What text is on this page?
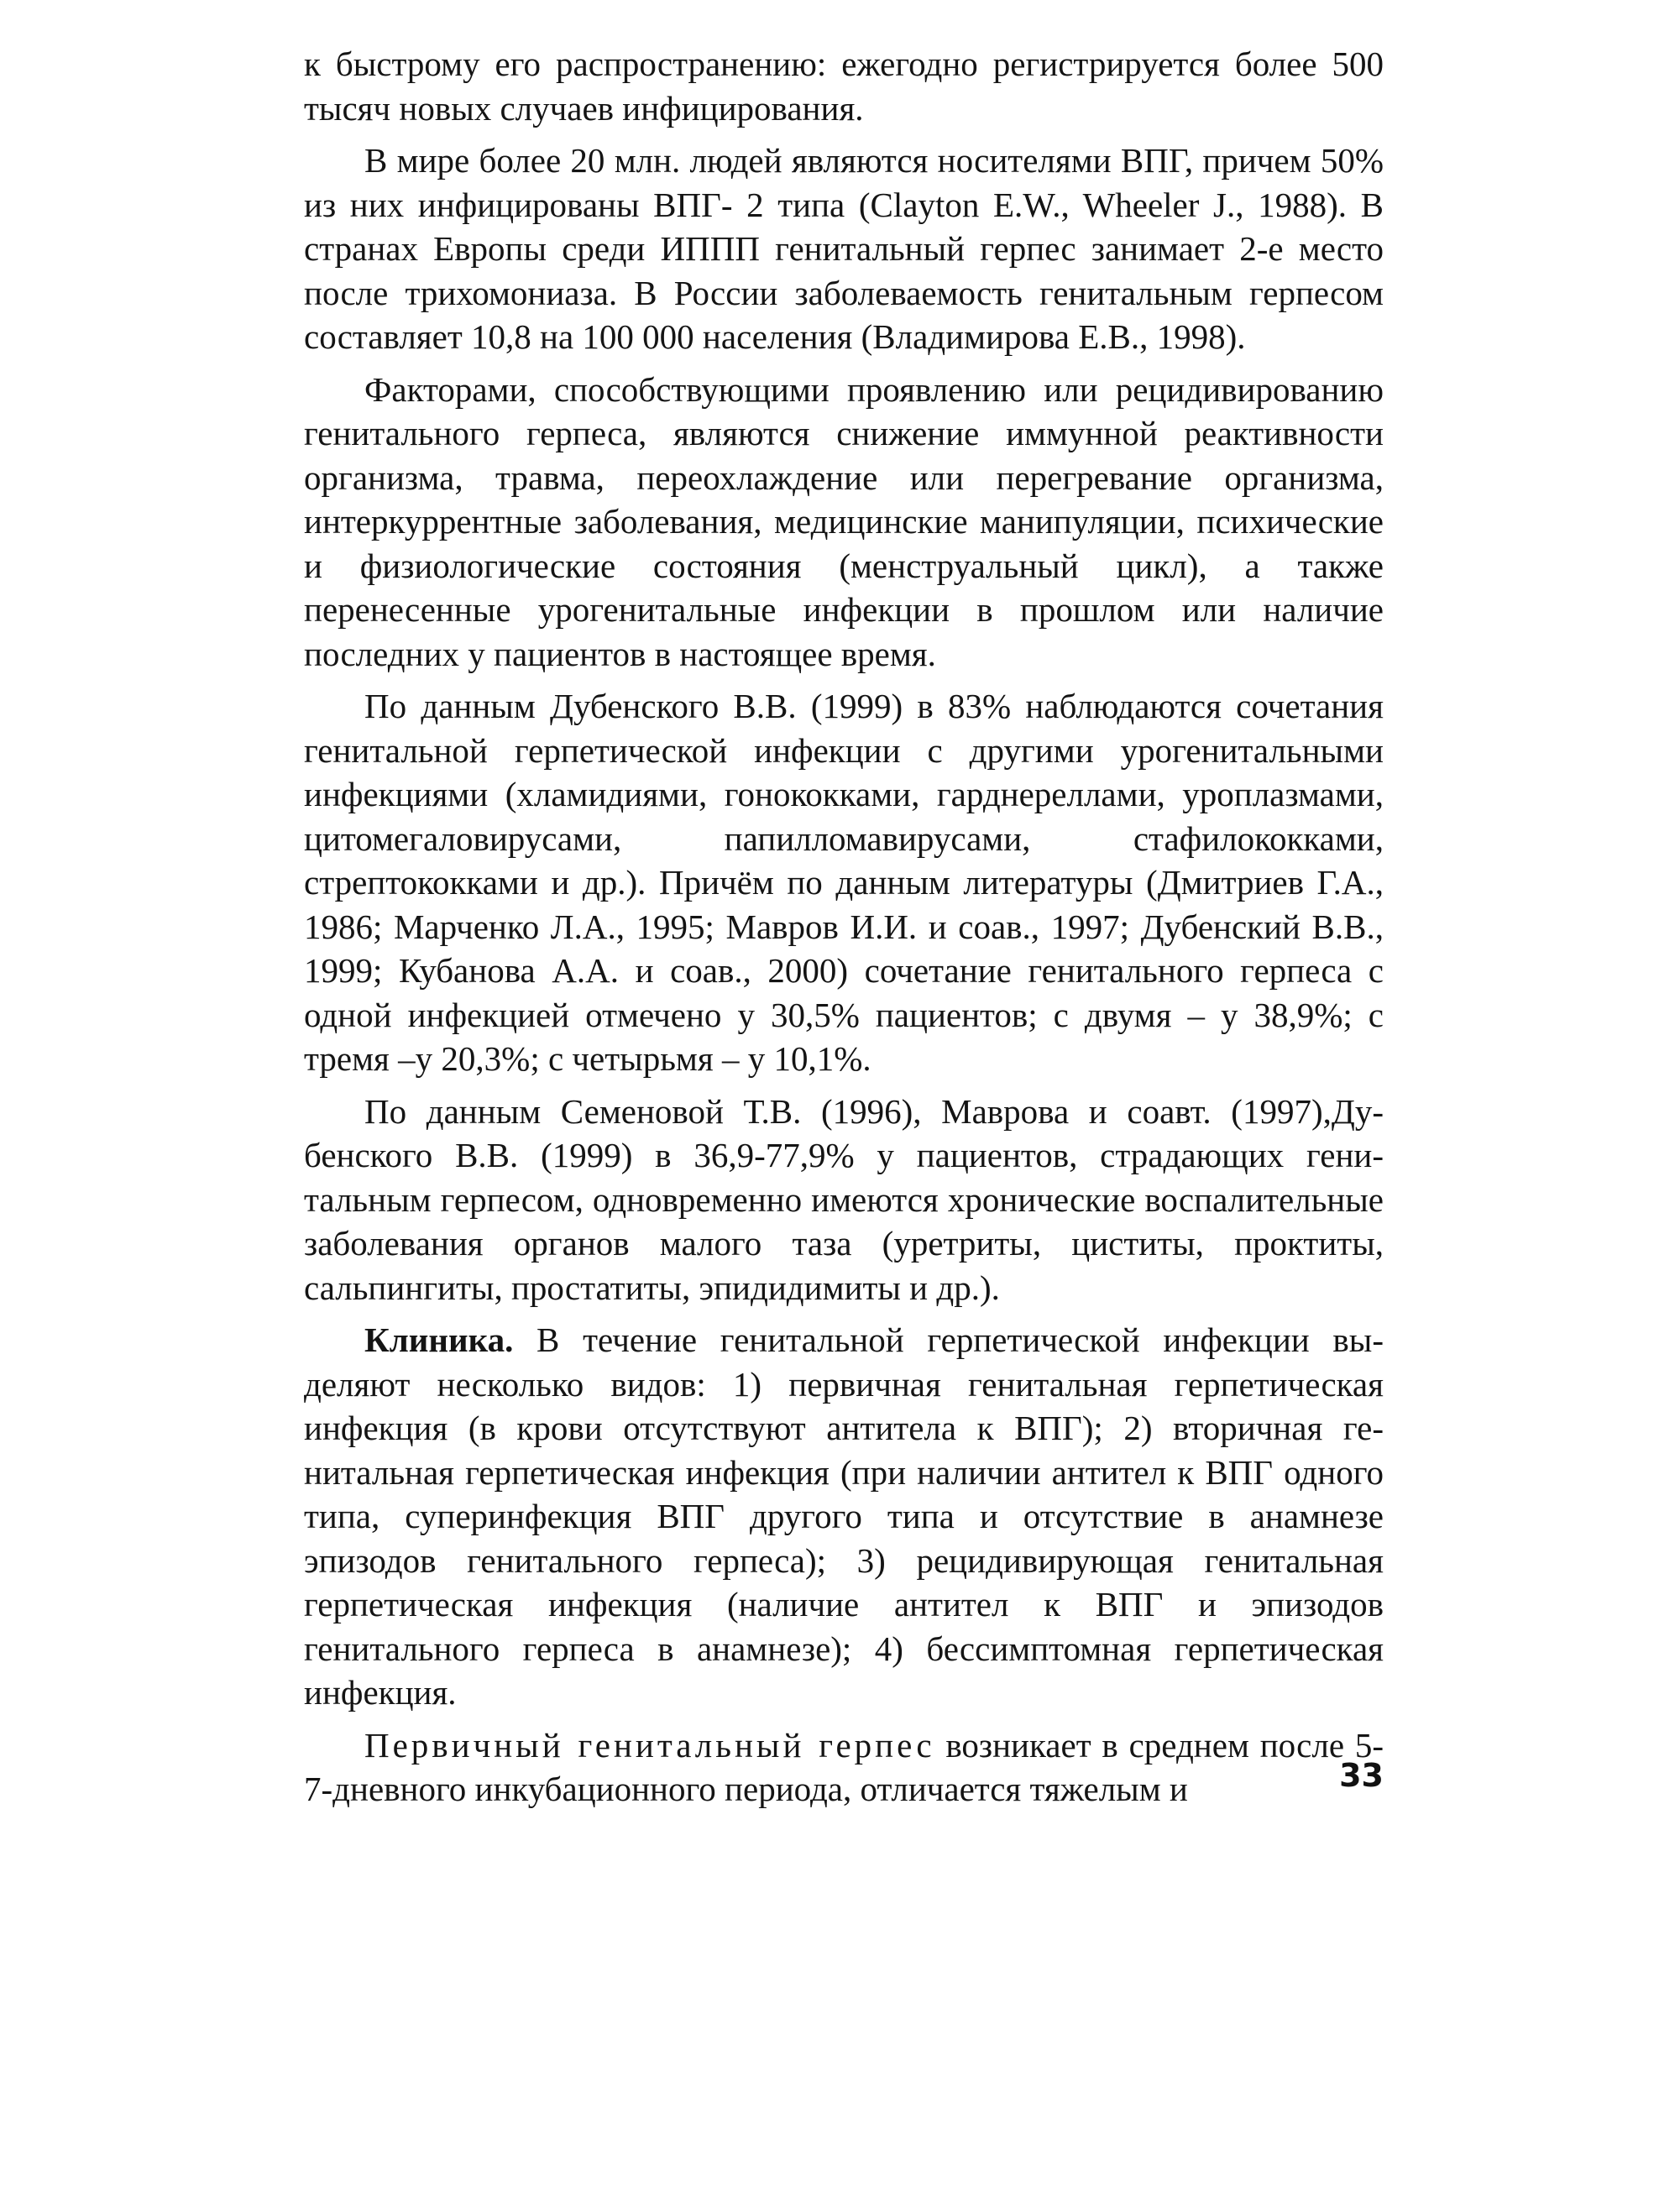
к быстрому его распространению: ежегодно регистрируется более 500 тысяч новых случаев инфицирования.

В мире более 20 млн. людей являются носителями ВПГ, причем 50% из них инфицированы ВПГ- 2 типа (Clayton E.W., Wheeler J., 1988). В странах Европы среди ИППП генитальный герпес занимает 2-е место после трихомониаза. В России заболеваемость генитальным герпесом составляет 10,8 на 100 000 населения (Владимирова Е.В., 1998).

Факторами, способствующими проявлению или рецидивированию генитального герпеса, являются снижение иммунной реактивности организма, травма, переохлаждение или перегревание организма, интеркуррентные заболевания, медицинские манипуляции, психические и физиологические состояния (менструальный цикл), а также перенесенные урогенитальные инфекции в прошлом или наличие последних у пациентов в настоящее время.

По данным Дубенского В.В. (1999) в 83% наблюдаются сочетания генитальной герпетической инфекции с другими урогенитальными инфекциями (хламидиями, гонококками, гарднереллами, уроплазмами, цитомегаловирусами, папилломавирусами, стафилококками, стрептококками и др.). Причём по данным литературы (Дмитриев Г.А., 1986; Марченко Л.А., 1995; Мавров И.И. и соав., 1997; Дубенский В.В., 1999; Кубанова А.А. и соав., 2000) сочетание генитального герпеса с одной инфекцией отмечено у 30,5% пациентов; с двумя – у 38,9%; с тремя –у 20,3%; с четырьмя – у 10,1%.

По данным Семеновой Т.В. (1996), Маврова и соавт. (1997),Дубенского В.В. (1999) в 36,9-77,9% у пациентов, страдающих генитальным герпесом, одновременно имеются хронические воспалительные заболевания органов малого таза (уретриты, циститы, проктиты, сальпингиты, простатиты, эпидидимиты и др.).

Клиника. В течение генитальной герпетической инфекции выделяют несколько видов: 1) первичная генитальная герпетическая инфекция (в крови отсутствуют антитела к ВПГ); 2) вторичная генитальная герпетическая инфекция (при наличии антител к ВПГ одного типа, суперинфекция ВПГ другого типа и отсутствие в анамнезе эпизодов генитального герпеса); 3) рецидивирующая генитальная герпетическая инфекция (наличие антител к ВПГ и эпизодов генитального герпеса в анамнезе); 4) бессимптомная герпетическая инфекция.

Первичный генитальный герпес возникает в среднем после 5-7-дневного инкубационного периода, отличается тяжелым и	33
